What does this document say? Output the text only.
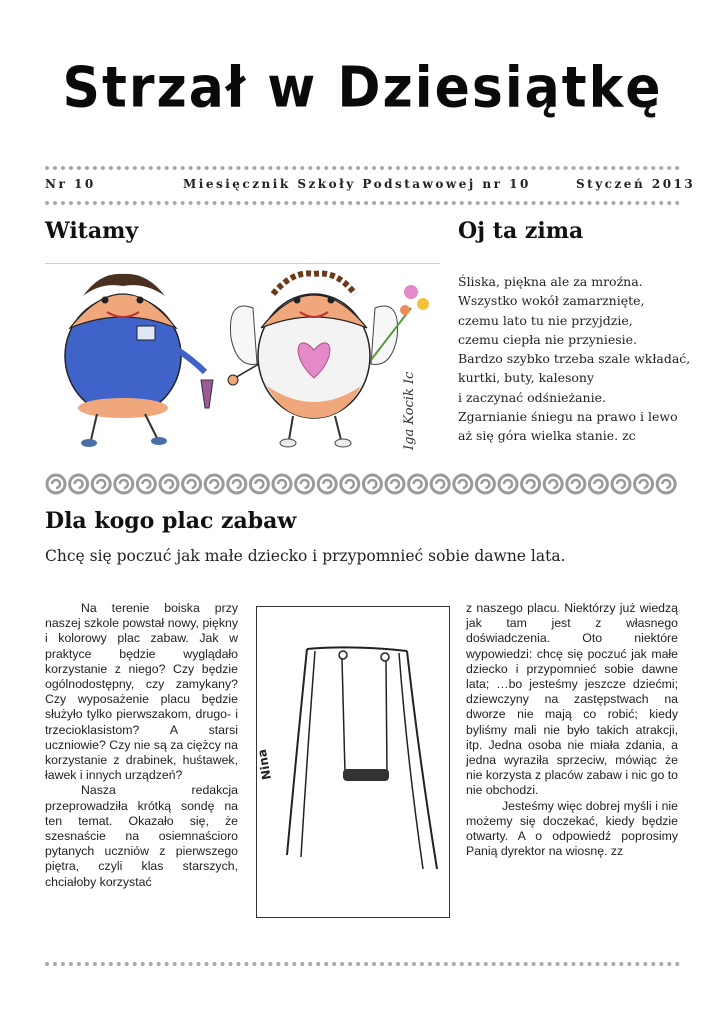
Strzał w Dziesiątkę
Nr 10	Miesięcznik Szkoły Podstawowej nr 10	Styczeń 2013
Witamy	Oj ta zima
Iga Kocik Ic
Śliska, piękna ale za mroźna.
Wszystko wokół zamarznięte,
czemu lato tu nie przyjdzie,
czemu ciepła nie przyniesie.
Bardzo szybko trzeba szale wkładać,
kurtki, buty, kalesony
i zaczynać odśnieżanie.
Zgarnianie śniegu na prawo i lewo
aż się góra wielka stanie. zc
Dla kogo plac zabaw
Chcę się poczuć jak małe dziecko i przypomnieć sobie dawne lata.

Na terenie boiska przy naszej szkole powstał nowy, piękny i kolorowy plac zabaw. Jak w praktyce będzie wyglądało korzystanie z niego? Czy będzie ogólnodostępny, czy zamykany? Czy wyposażenie placu będzie służyło tylko pierwszakom, drugo- i trzecioklasistom? A starsi uczniowie? Czy nie są za ciężcy na korzystanie z drabinek, huśtawek, ławek i innych urządzeń?

Nasza redakcja przeprowadziła krótką sondę na ten temat. Okazało się, że szesnaście na osiemnaścioro pytanych uczniów z pierwszego piętra, czyli klas starszych, chciałoby korzystać

Nina

z naszego placu. Niektórzy już wiedzą jak tam jest z własnego doświadczenia. Oto niektóre wypowiedzi: chcę się poczuć jak małe dziecko i przypomnieć sobie dawne lata; …bo jesteśmy jeszcze dziećmi; dziewczyny na zastępstwach na dworze nie mają co robić; kiedy byliśmy mali nie było takich atrakcji, itp. Jedna osoba nie miała zdania, a jedna wyraziła sprzeciw, mówiąc że nie korzysta z placów zabaw i nic go to nie obchodzi.

Jesteśmy więc dobrej myśli i nie możemy się doczekać, kiedy będzie otwarty. A o odpowiedź poprosimy Panią dyrektor na wiosnę. zz
